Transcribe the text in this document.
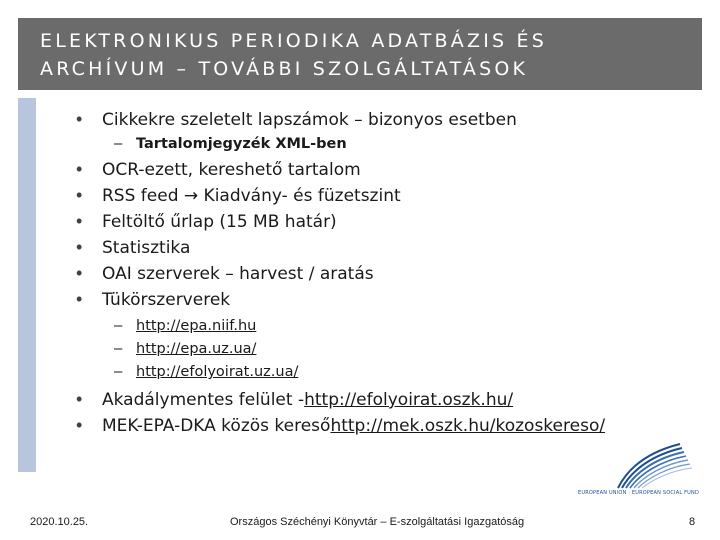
ELEKTRONIKUS PERIODIKA ADATBÁZIS ÉS
ARCHÍVUM – TOVÁBBI SZOLGÁLTATÁSOK
•	Cikkekre szeletelt lapszámok – bizonyos esetben
– Tartalomjegyzék XML-ben
•	OCR-ezett, kereshető tartalom
•	RSS feed → Kiadvány- és füzetszint
•	Feltöltő űrlap (15 MB határ)
•	Statisztika
•	OAI szerverek – harvest / aratás
•	Tükörszerverek
– http://epa.niif.hu
– http://epa.uz.ua/
– http://efolyoirat.uz.ua/
•	Akadálymentes felület - http://efolyoirat.oszk.hu/
•	MEK-EPA-DKA közös kereső http://mek.oszk.hu/kozoskereso/
EUROPEAN UNION · EUROPEAN SOCIAL FUND
2020.10.25.	Országos Széchényi Könyvtár – E-szolgáltatási Igazgatóság	8
